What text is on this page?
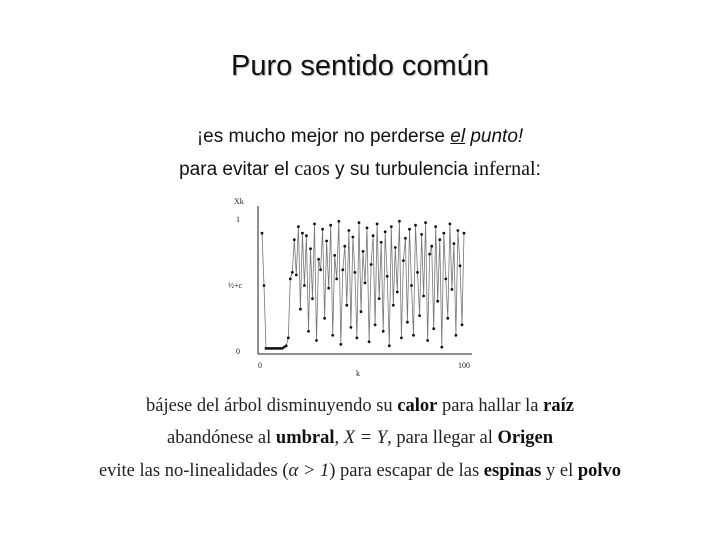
Puro sentido común
¡es mucho mejor no perderse el punto!
para evitar el caos y su turbulencia infernal:
Xk
k
1
½+c
0
0	100
bájese del árbol disminuyendo su calor para hallar la raíz
abandónese al umbral, X = Y, para llegar al Origen
evite las no-linealidades (α > 1) para escapar de las espinas y el polvo
